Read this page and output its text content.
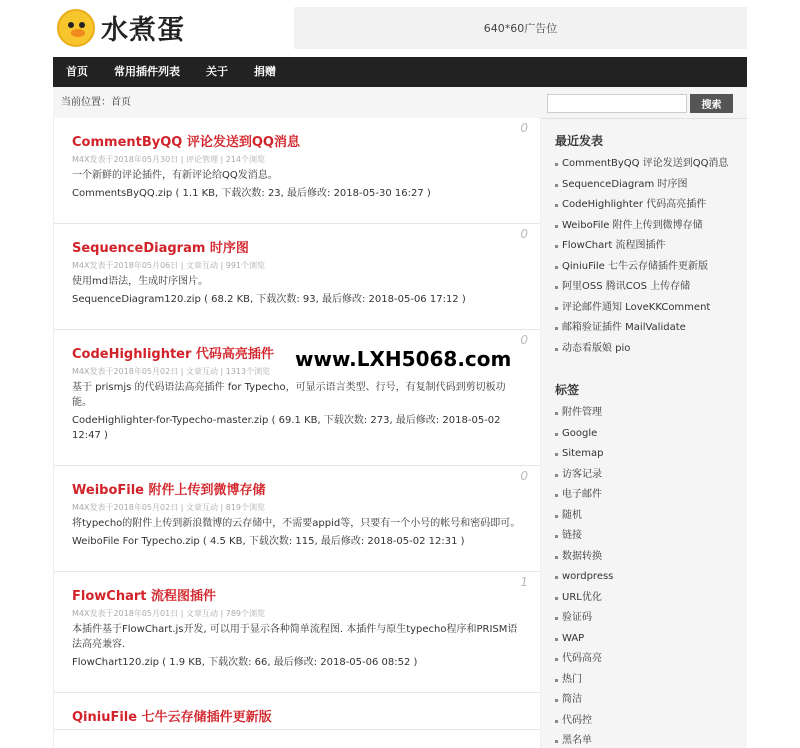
水煮蛋	640*60广告位
首页	常用插件列表	关于	捐赠
当前位置：首页
0
CommentByQQ 评论发送到QQ消息
M4X发表于2018年05月30日 | 评论管理 | 214个浏览
一个新鲜的评论插件，有新评论给QQ发消息。
CommentsByQQ.zip ( 1.1 KB, 下载次数: 23, 最后修改: 2018-05-30 16:27 )
0
SequenceDiagram 时序图
M4X发表于2018年05月06日 | 文章互动 | 991个浏览
使用md语法，生成时序图片。
SequenceDiagram120.zip ( 68.2 KB, 下载次数: 93, 最后修改: 2018-05-06 17:12 )
0
CodeHighlighter 代码高亮插件
M4X发表于2018年05月02日 | 文章互动 | 1313个浏览
基于 prismjs 的代码语法高亮插件 for Typecho，可显示语言类型、行号，有复制代码到剪切板功能。
CodeHighlighter-for-Typecho-master.zip ( 69.1 KB, 下载次数: 273, 最后修改: 2018-05-02 12:47 )
0
WeiboFile 附件上传到微博存储
M4X发表于2018年05月02日 | 文章互动 | 819个浏览
将typecho的附件上传到新浪微博的云存储中，不需要appid等，只要有一个小号的帐号和密码即可。
WeiboFile For Typecho.zip ( 4.5 KB, 下载次数: 115, 最后修改: 2018-05-02 12:31 )
1
FlowChart 流程图插件
M4X发表于2018年05月01日 | 文章互动 | 789个浏览
本插件基于FlowChart.js开发, 可以用于显示各种简单流程图. 本插件与原生typecho程序和PRISM语法高亮兼容.
FlowChart120.zip ( 1.9 KB, 下载次数: 66, 最后修改: 2018-05-06 08:52 )
QiniuFile 七牛云存储插件更新版
www.LXH5068.com
搜索
最近发表
CommentByQQ 评论发送到QQ消息
SequenceDiagram 时序图
CodeHighlighter 代码高亮插件
WeiboFile 附件上传到微博存储
FlowChart 流程图插件
QiniuFile 七牛云存储插件更新版
阿里OSS 腾讯COS 上传存储
评论邮件通知 LoveKKComment
邮箱验证插件 MailValidate
动态看版娘 pio
标签
附件管理
Google
Sitemap
访客记录
电子邮件
随机
链接
数据转换
wordpress
URL优化
验证码
WAP
代码高亮
热门
简洁
代码控
黑名单
